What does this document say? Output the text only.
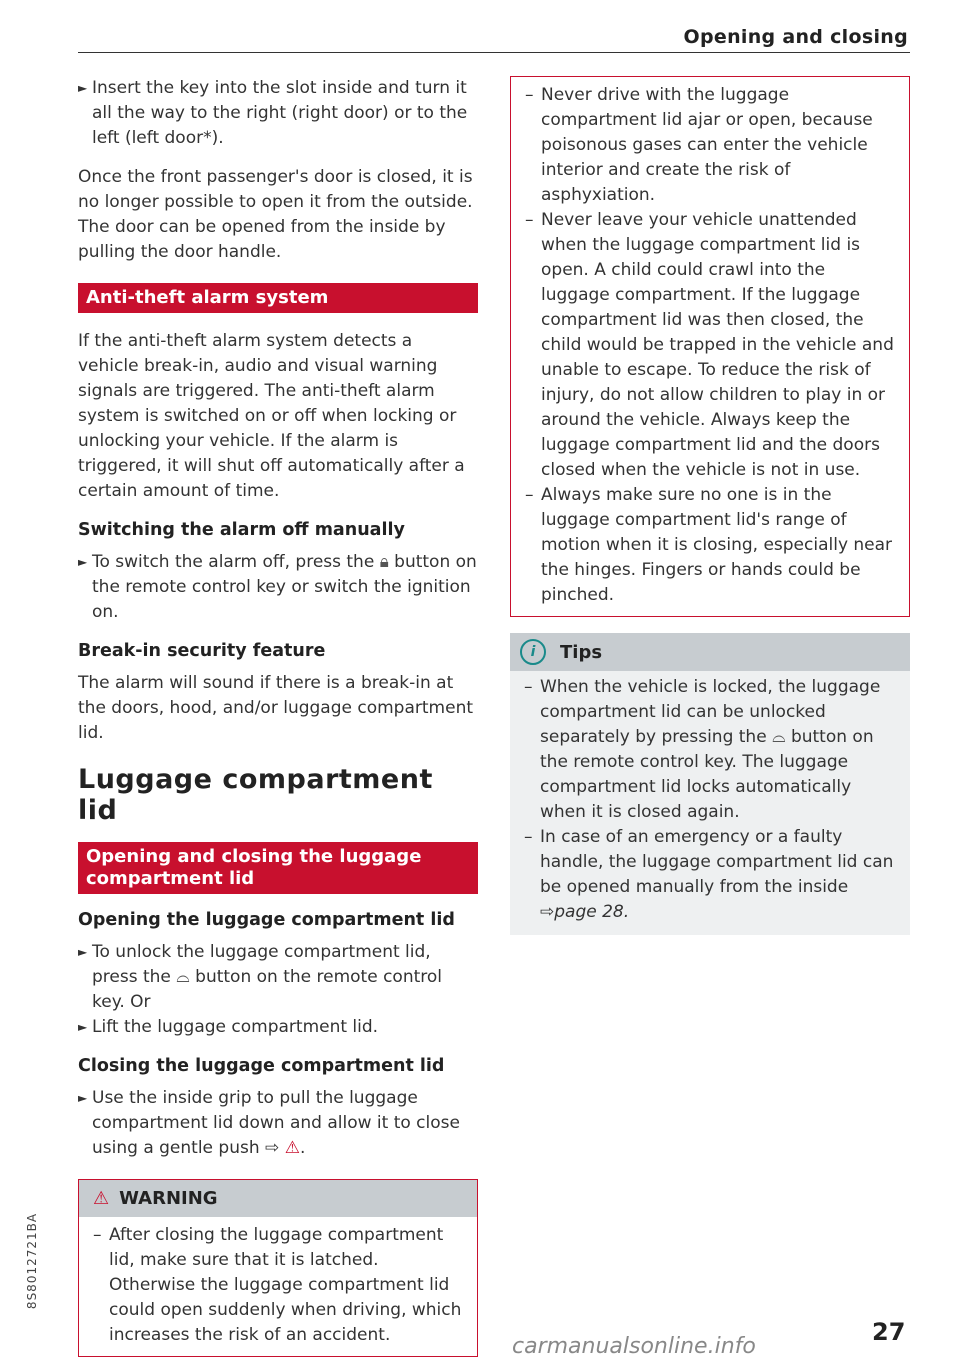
Opening and closing

► Insert the key into the slot inside and turn it all the way to the right (right door) or to the left (left door*).

Once the front passenger's door is closed, it is no longer possible to open it from the outside. The door can be opened from the inside by pulling the door handle.

Anti-theft alarm system

If the anti-theft alarm system detects a vehicle break-in, audio and visual warning signals are triggered. The anti-theft alarm system is switched on or off when locking or unlocking your vehicle. If the alarm is triggered, it will shut off automatically after a certain amount of time.

Switching the alarm off manually

► To switch the alarm off, press the 🔒︎ button on the remote control key or switch the ignition on.

Break-in security feature

The alarm will sound if there is a break-in at the doors, hood, and/or luggage compartment lid.

Luggage compartment lid
Opening and closing the luggage compartment lid
Opening the luggage compartment lid

► To unlock the luggage compartment lid, press the ⌓ button on the remote control key. Or

► Lift the luggage compartment lid.

Closing the luggage compartment lid

► Use the inside grip to pull the luggage compartment lid down and allow it to close using a gentle push ⇨ ⚠.

⚠ WARNING

– After closing the luggage compartment lid, make sure that it is latched. Otherwise the luggage compartment lid could open suddenly when driving, which increases the risk of an accident.

– Never drive with the luggage compartment lid ajar or open, because poisonous gases can enter the vehicle interior and create the risk of asphyxiation.

– Never leave your vehicle unattended when the luggage compartment lid is open. A child could crawl into the luggage compartment. If the luggage compartment lid was then closed, the child would be trapped in the vehicle and unable to escape. To reduce the risk of injury, do not allow children to play in or around the vehicle. Always keep the luggage compartment lid and the doors closed when the vehicle is not in use.

– Always make sure no one is in the luggage compartment lid's range of motion when it is closing, especially near the hinges. Fingers or hands could be pinched.

i	Tips

– When the vehicle is locked, the luggage compartment lid can be unlocked separately by pressing the ⌓ button on the remote control key. The luggage compartment lid locks automatically when it is closed again.

– In case of an emergency or a faulty handle, the luggage compartment lid can be opened manually from the inside ⇨page 28.

8S8012721BA
27
carmanualsonline.info
